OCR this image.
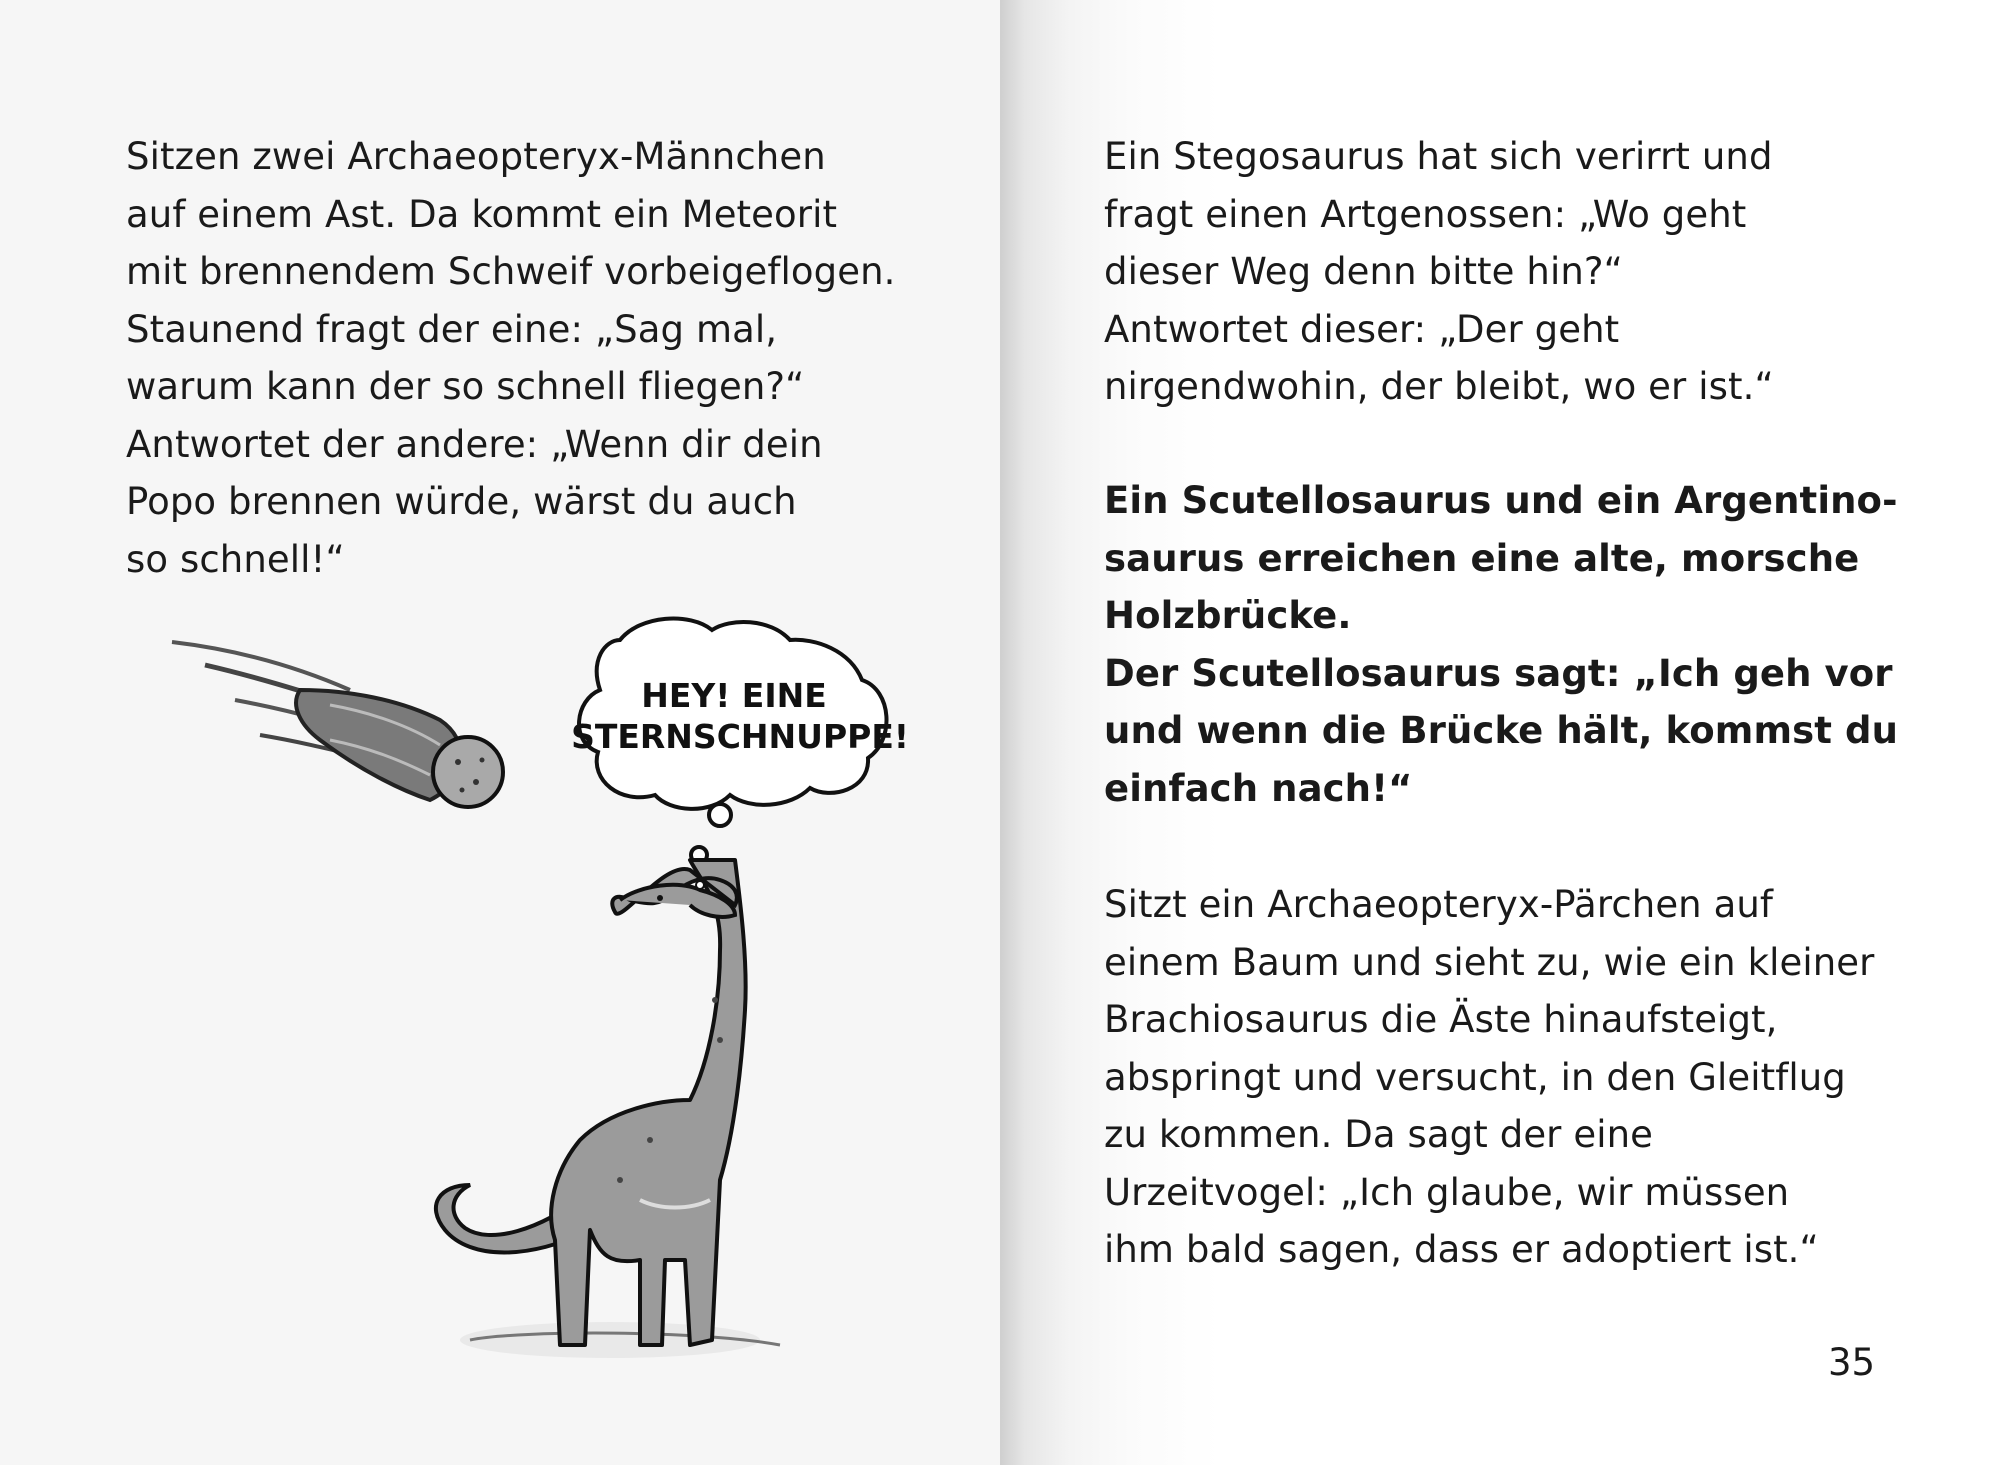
Sitzen zwei Archaeopteryx-Männchen

auf einem Ast. Da kommt ein Meteorit

mit brennendem Schweif vorbeigeflogen.

Staunend fragt der eine: „Sag mal,

warum kann der so schnell fliegen?“

Antwortet der andere: „Wenn dir dein

Popo brennen würde, wärst du auch

so schnell!“

HEY! EINE
STERNSCHNUPPE!

Ein Stegosaurus hat sich verirrt und

fragt einen Artgenossen: „Wo geht

dieser Weg denn bitte hin?“

Antwortet dieser: „Der geht

nirgendwohin, der bleibt, wo er ist.“

Ein Scutellosaurus und ein Argentino-

saurus erreichen eine alte, morsche

Holzbrücke.

Der Scutellosaurus sagt: „Ich geh vor

und wenn die Brücke hält, kommst du

einfach nach!“

Sitzt ein Archaeopteryx-Pärchen auf

einem Baum und sieht zu, wie ein kleiner

Brachiosaurus die Äste hinaufsteigt,

abspringt und versucht, in den Gleitflug

zu kommen. Da sagt der eine

Urzeitvogel: „Ich glaube, wir müssen

ihm bald sagen, dass er adoptiert ist.“

35
